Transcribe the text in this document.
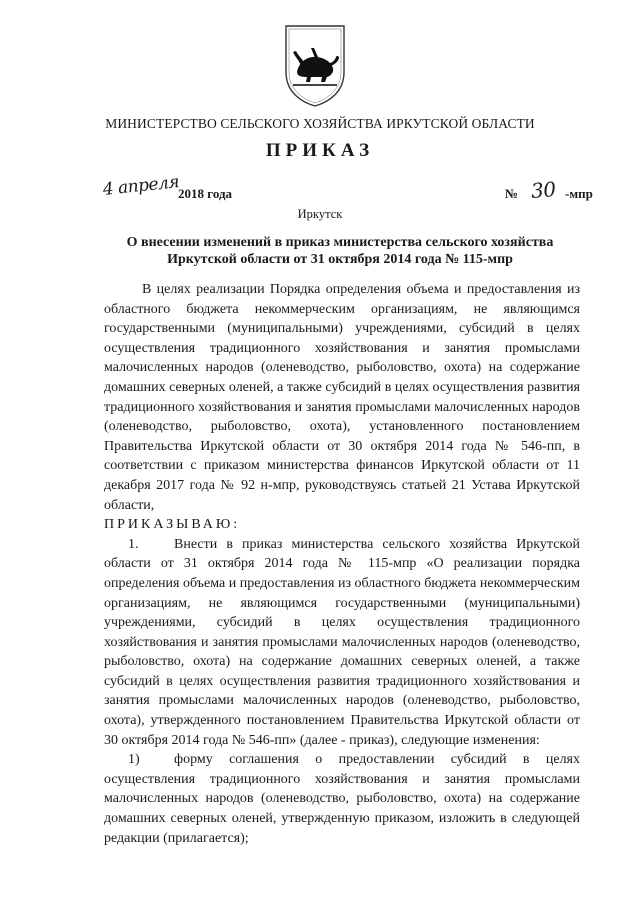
МИНИСТЕРСТВО СЕЛЬСКОГО ХОЗЯЙСТВА ИРКУТСКОЙ ОБЛАСТИ
ПРИКАЗ
4 апреля
2018 года	№ 30 -мпр
Иркутск
О внесении изменений в приказ министерства сельского хозяйства
Иркутской области от 31 октября 2014 года № 115-мпр

В целях реализации Порядка определения объема и предоставления из областного бюджета некоммерческим организациям, не являющимся государственными (муниципальными) учреждениями, субсидий в целях осуществления традиционного хозяйствования и занятия промыслами малочисленных народов (оленеводство, рыболовство, охота) на содержание домашних северных оленей, а также субсидий в целях осуществления развития традиционного хозяйствования и занятия промыслами малочисленных народов (оленеводство, рыболовство, охота), установленного постановлением Правительства Иркутской области от 30 октября 2014 года № 546-пп, в соответствии с приказом министерства финансов Иркутской области от 11 декабря 2017 года № 92 н-мпр, руководствуясь статьей 21 Устава Иркутской области,

ПРИКАЗЫВАЮ:

1.	Внести в приказ министерства сельского хозяйства Иркутской области от 31 октября 2014 года № 115-мпр «О реализации порядка определения объема и предоставления из областного бюджета некоммерческим организациям, не являющимся государственными (муниципальными) учреждениями, субсидий в целях осуществления традиционного хозяйствования и занятия промыслами малочисленных народов (оленеводство, рыболовство, охота) на содержание домашних северных оленей, а также субсидий в целях осуществления развития традиционного хозяйствования и занятия промыслами малочисленных народов (оленеводство, рыболовство, охота), утвержденного постановлением Правительства Иркутской области от 30 октября 2014 года № 546-пп» (далее - приказ), следующие изменения:

1) форму соглашения о предоставлении субсидий в целях осуществления традиционного хозяйствования и занятия промыслами малочисленных народов (оленеводство, рыболовство, охота) на содержание домашних северных оленей, утвержденную приказом, изложить в следующей редакции (прилагается);
